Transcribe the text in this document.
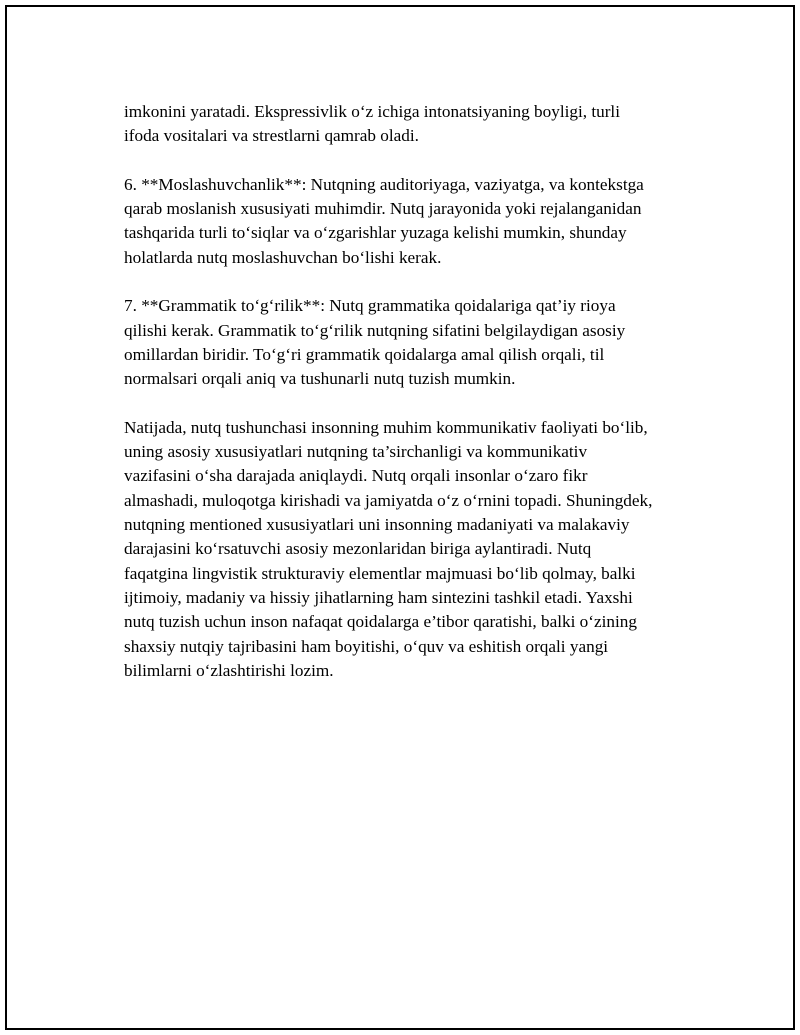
imkonini yaratadi. Ekspressivlik o‘z ichiga intonatsiyaning boyligi, turli
ifoda vositalari va strestlarni qamrab oladi.

6. **Moslashuvchanlik**: Nutqning auditoriyaga, vaziyatga, va kontekstga
qarab moslanish xususiyati muhimdir. Nutq jarayonida yoki rejalanganidan
tashqarida turli to‘siqlar va o‘zgarishlar yuzaga kelishi mumkin, shunday
holatlarda nutq moslashuvchan bo‘lishi kerak.

7. **Grammatik to‘g‘rilik**: Nutq grammatika qoidalariga qat’iy rioya
qilishi kerak. Grammatik to‘g‘rilik nutqning sifatini belgilaydigan asosiy
omillardan biridir. To‘g‘ri grammatik qoidalarga amal qilish orqali, til
normalsari orqali aniq va tushunarli nutq tuzish mumkin.

Natijada, nutq tushunchasi insonning muhim kommunikativ faoliyati bo‘lib,
uning asosiy xususiyatlari nutqning ta’sirchanligi va kommunikativ
vazifasini o‘sha darajada aniqlaydi. Nutq orqali insonlar o‘zaro fikr
almashadi, muloqotga kirishadi va jamiyatda o‘z o‘rnini topadi. Shuningdek,
nutqning mentioned xususiyatlari uni insonning madaniyati va malakaviy
darajasini ko‘rsatuvchi asosiy mezonlaridan biriga aylantiradi. Nutq
faqatgina lingvistik strukturaviy elementlar majmuasi bo‘lib qolmay, balki
ijtimoiy, madaniy va hissiy jihatlarning ham sintezini tashkil etadi. Yaxshi
nutq tuzish uchun inson nafaqat qoidalarga e’tibor qaratishi, balki o‘zining
shaxsiy nutqiy tajribasini ham boyitishi, o‘quv va eshitish orqali yangi
bilimlarni o‘zlashtirishi lozim.
